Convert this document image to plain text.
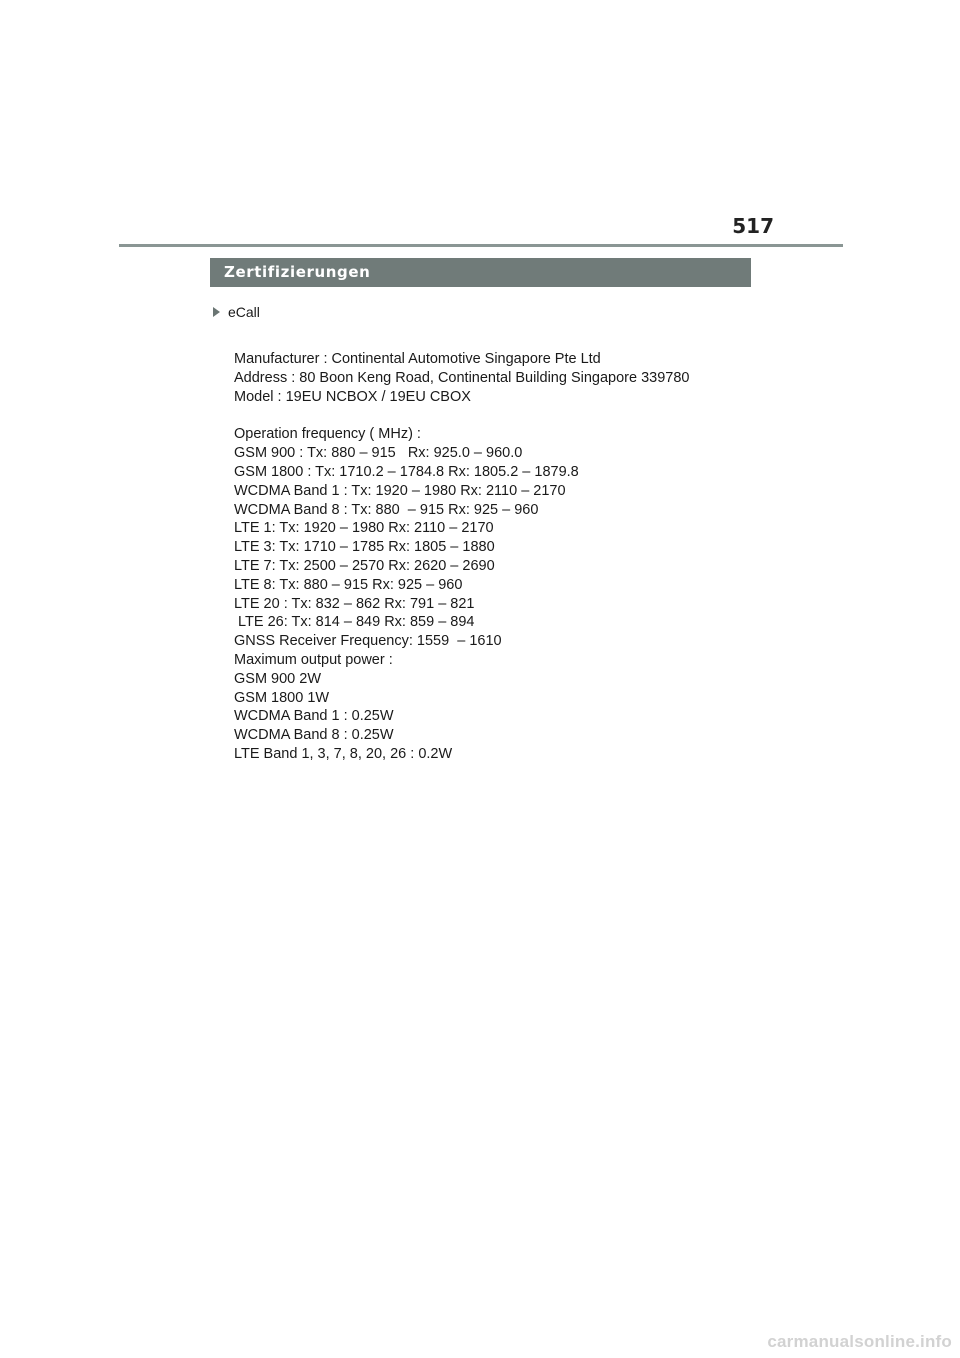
517
Zertifizierungen
eCall
Manufacturer : Continental Automotive Singapore Pte Ltd
Address : 80 Boon Keng Road, Continental Building Singapore 339780
Model : 19EU NCBOX / 19EU CBOX
Operation frequency ( MHz) :
GSM 900 : Tx: 880 – 915   Rx: 925.0 – 960.0
GSM 1800 : Tx: 1710.2 – 1784.8 Rx: 1805.2 – 1879.8
WCDMA Band 1 : Tx: 1920 – 1980 Rx: 2110 – 2170
WCDMA Band 8 : Tx: 880  – 915 Rx: 925 – 960
LTE 1: Tx: 1920 – 1980 Rx: 2110 – 2170
LTE 3: Tx: 1710 – 1785 Rx: 1805 – 1880
LTE 7: Tx: 2500 – 2570 Rx: 2620 – 2690
LTE 8: Tx: 880 – 915 Rx: 925 – 960
LTE 20 : Tx: 832 – 862 Rx: 791 – 821
LTE 26: Tx: 814 – 849 Rx: 859 – 894
GNSS Receiver Frequency: 1559  – 1610
Maximum output power :
GSM 900 2W
GSM 1800 1W
WCDMA Band 1 : 0.25W
WCDMA Band 8 : 0.25W
LTE Band 1, 3, 7, 8, 20, 26 : 0.2W
carmanualsonline.info
